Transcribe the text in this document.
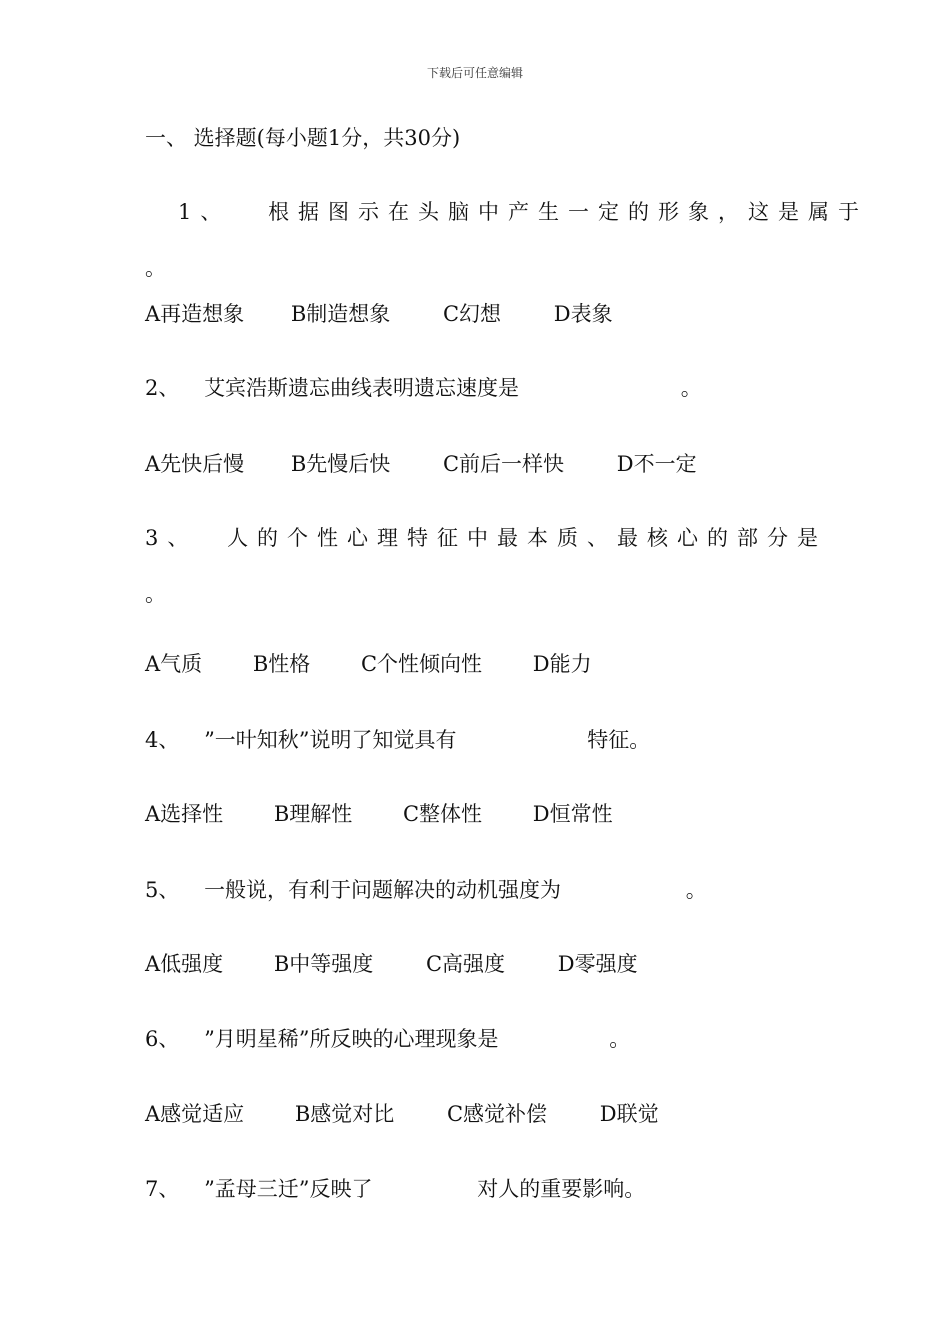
下载后可任意编辑
一、 选择题(每小题1分，共30分)
1、 根据图示在头脑中产生一定的形象，这是属于
。
A再造想象 B制造想象	C幻想	D表象
2、 艾宾浩斯遗忘曲线表明遗忘速度是	。
A先快后慢 B先慢后快	C前后一样快	D不一定
3、 人的个性心理特征中最本质、最核心的部分是
。
A气质 B性格 C个性倾向性 D能力
4、 ”一叶知秋”说明了知觉具有	特征。
A选择性 B理解性 C整体性 D恒常性
5、 一般说，有利于问题解决的动机强度为	。
A低强度 B中等强度	C高强度	D零强度
6、 ”月明星稀”所反映的心理现象是	。
A感觉适应 B感觉对比	C感觉补偿	D联觉
7、 ”孟母三迁”反映了	对人的重要影响。
